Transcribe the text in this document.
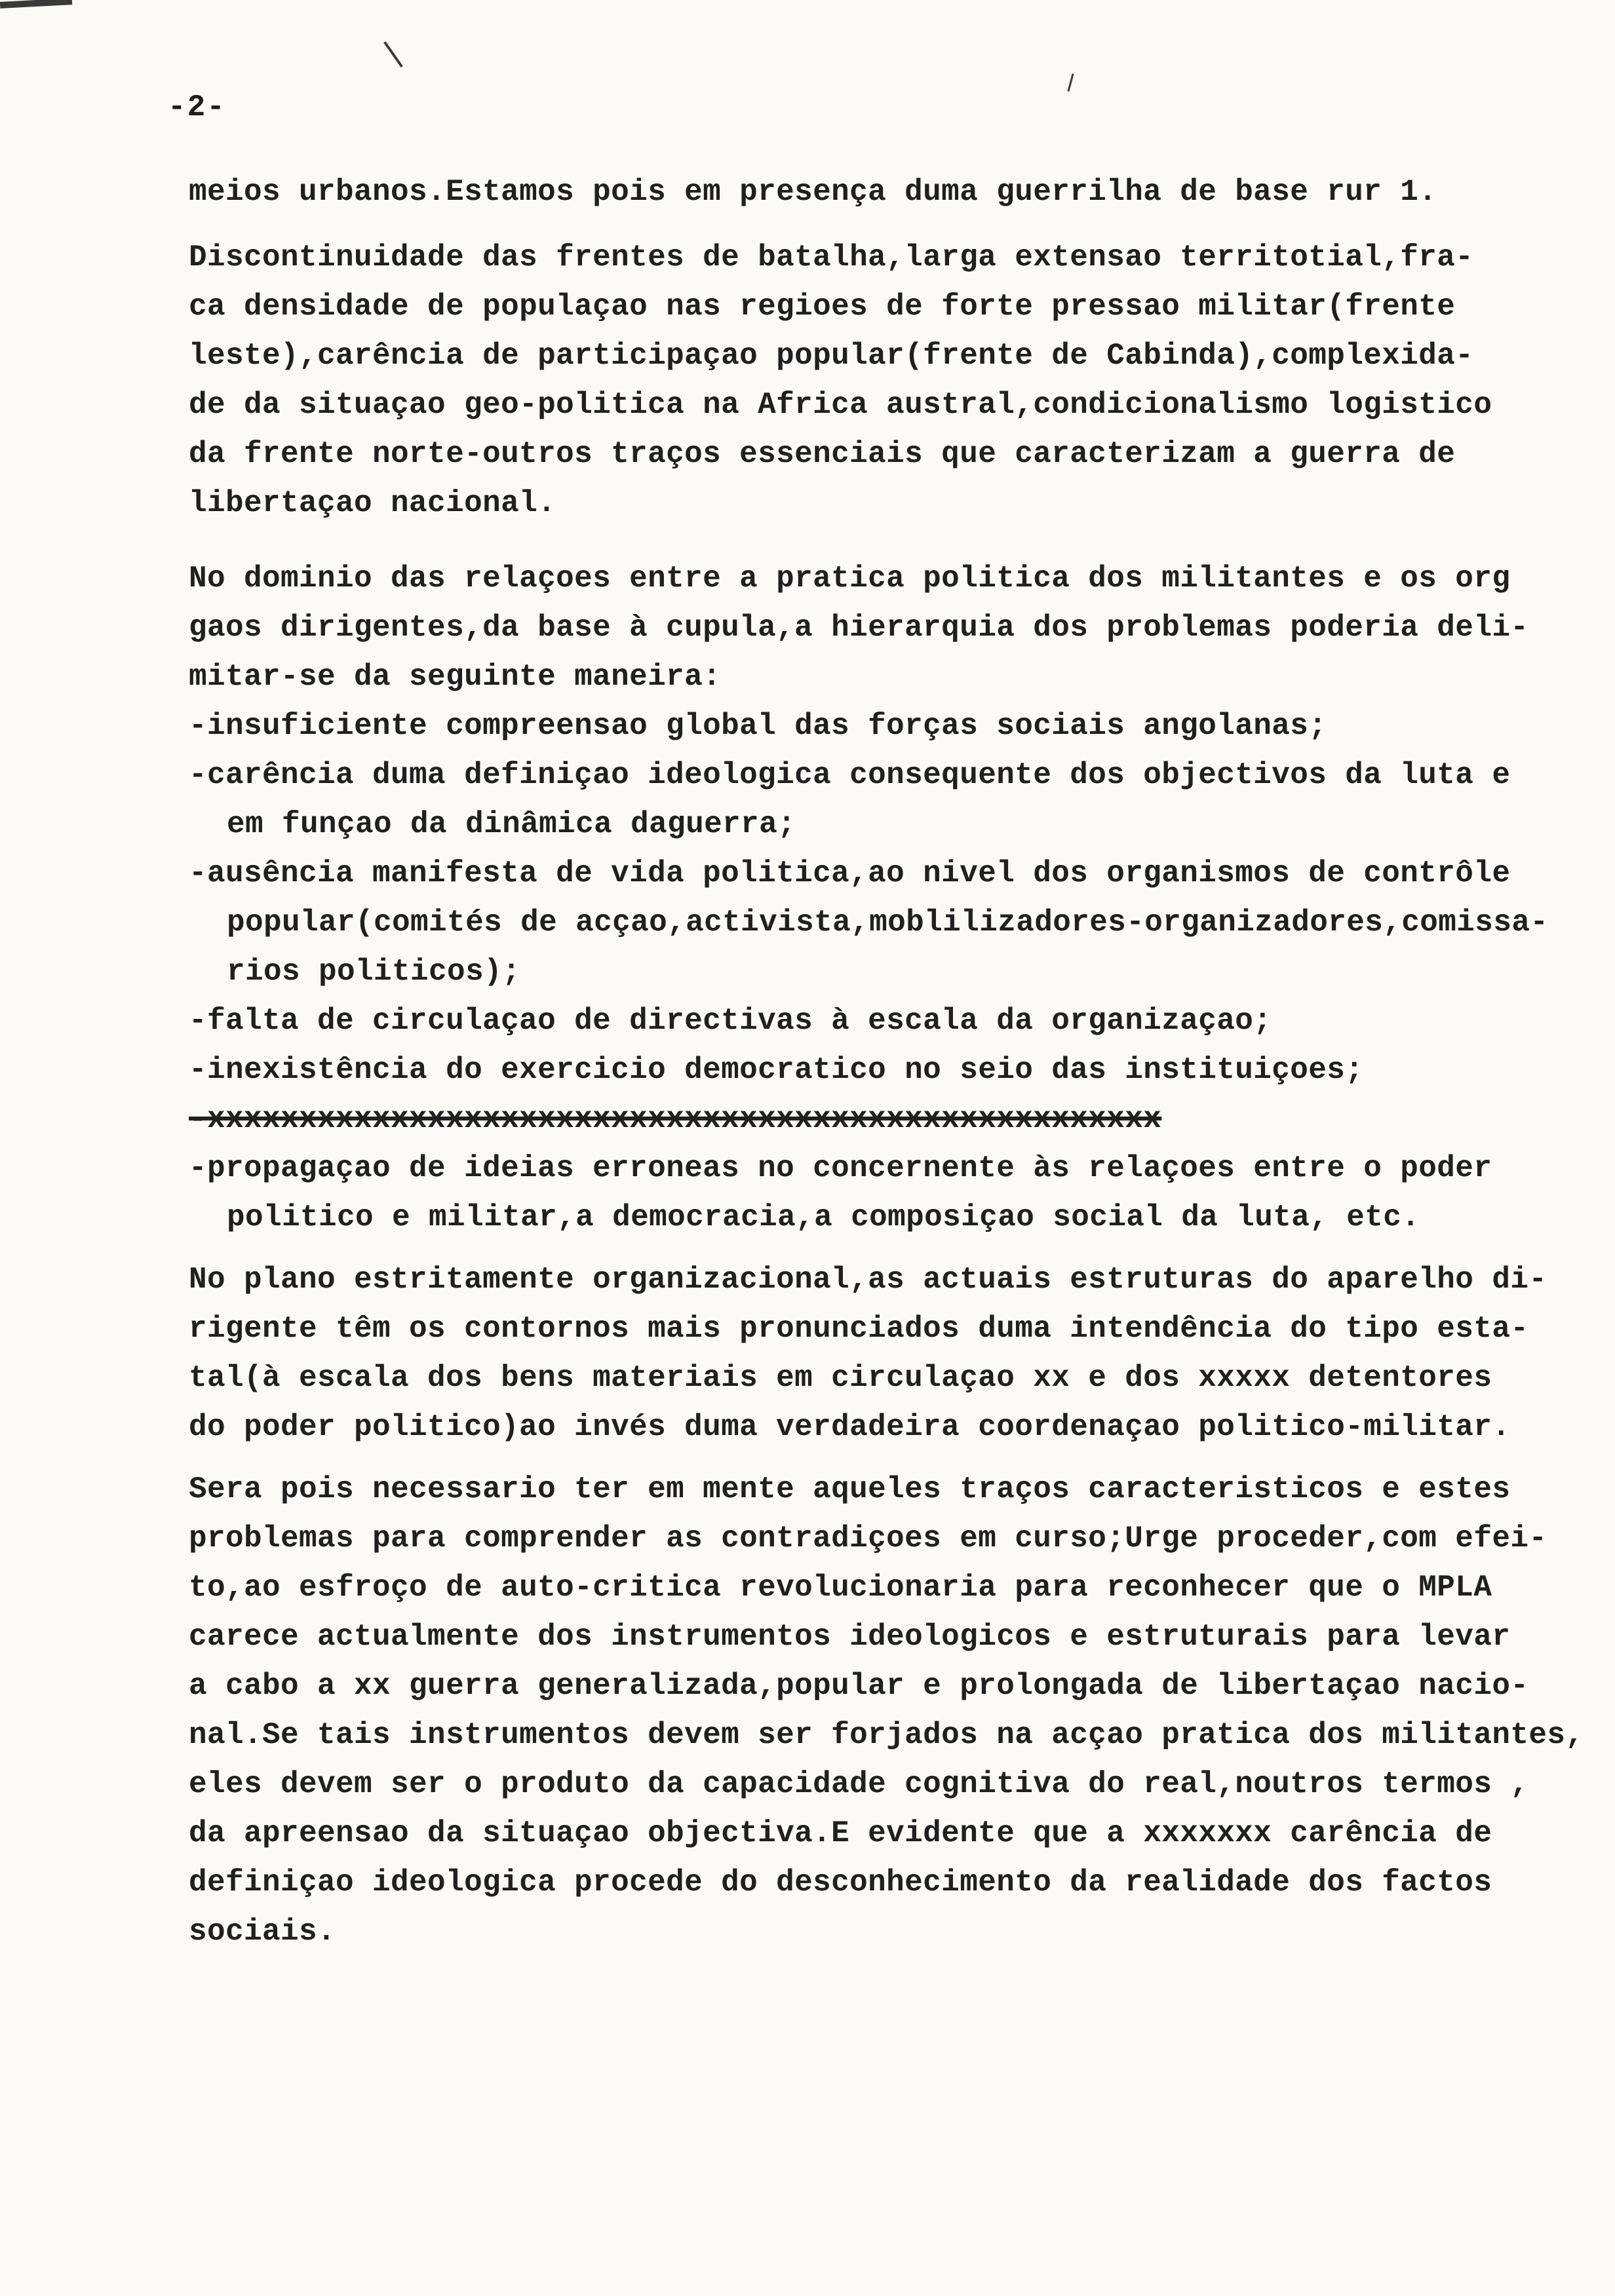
-2-
meios urbanos.Estamos pois em presença duma guerrilha de base rur 1.
Discontinuidade das frentes de batalha,larga extensao territotial,fra-
ca densidade de populaçao nas regioes de forte pressao militar(frente
leste),carência de participaçao popular(frente de Cabinda),complexida-
de da situaçao geo-politica na Africa austral,condicionalismo logistico
da frente norte-outros traços essenciais que caracterizam a guerra de
libertaçao nacional.
No dominio das relaçoes entre a pratica politica dos militantes e os org
gaos dirigentes,da base à cupula,a hierarquia dos problemas poderia deli-
mitar-se da seguinte maneira:
-insuficiente compreensao global das forças sociais angolanas;
-carência duma definiçao ideologica consequente dos objectivos da luta e
em funçao da dinâmica daguerra;
-ausência manifesta de vida politica,ao nivel dos organismos de contrôle
popular(comités de acçao,activista,moblilizadores-organizadores,comissa-
rios politicos);
-falta de circulaçao de directivas à escala da organizaçao;
-inexistência do exercicio democratico no seio das instituiçoes;
-xxxxxxxxxxxxxxxxxxxxxxxxxxxxxxxxxxxxxxxxxxxxxxxxxxxx
-propagaçao de ideias erroneas no concernente às relaçoes entre o poder
politico e militar,a democracia,a composiçao social da luta, etc.
No plano estritamente organizacional,as actuais estruturas do aparelho di-
rigente têm os contornos mais pronunciados duma intendência do tipo esta-
tal(à escala dos bens materiais em circulaçao xx e dos xxxxx detentores
do poder politico)ao invés duma verdadeira coordenaçao politico-militar.
Sera pois necessario ter em mente aqueles traços caracteristicos e estes
problemas para comprender as contradiçoes em curso;Urge proceder,com efei-
to,ao esfroço de auto-critica revolucionaria para reconhecer que o MPLA
carece actualmente dos instrumentos ideologicos e estruturais para levar
a cabo a xx guerra generalizada,popular e prolongada de libertaçao nacio-
nal.Se tais instrumentos devem ser forjados na acçao pratica dos militantes,
eles devem ser o produto da capacidade cognitiva do real,noutros termos ,
da apreensao da situaçao objectiva.E evidente que a xxxxxxx carência de
definiçao ideologica procede do desconhecimento da realidade dos factos
sociais.
